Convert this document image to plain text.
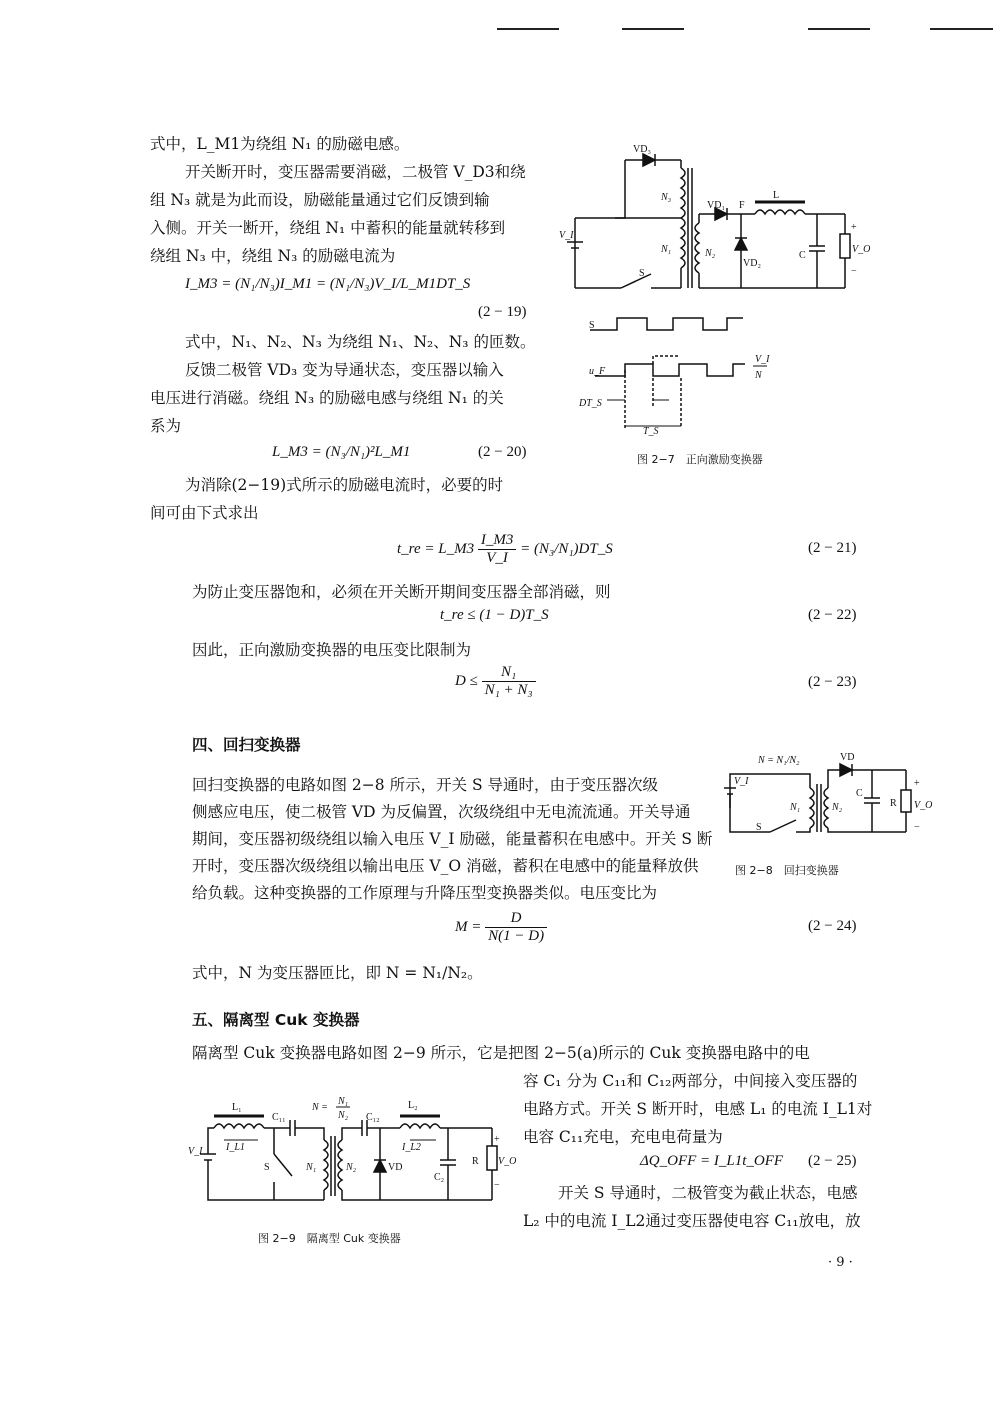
式中，L_M1为绕组 N₁ 的励磁电感。
开关断开时，变压器需要消磁，二极管 V_D3和绕
组 N₃ 就是为此而设，励磁能量通过它们反馈到输
入侧。开关一断开，绕组 N₁ 中蓄积的能量就转移到
绕组 N₃ 中，绕组 N₃ 的励磁电流为
I_M3 = (N₁/N₃)I_M1 = (N₁/N₃)V_I/L_M1DT_S
(2 − 19)
式中，N₁、N₂、N₃ 为绕组 N₁、N₂、N₃ 的匝数。
反馈二极管 VD₃ 变为导通状态，变压器以输入
电压进行消磁。绕组 N₃ 的励磁电感与绕组 N₁ 的关
系为
L_M3 = (N₃/N₁)²L_M1	(2 − 20)
为消除(2−19)式所示的励磁电流时，必要的时
间可由下式求出
t_re = L_M3 $\frac{I\_M3}{V\_I}$ = (N₃/N₁)DT_S	(2 − 21)
为防止变压器饱和，必须在开关断开期间变压器全部消磁，则
t_re ≤ (1 − D)T_S	(2 − 22)
因此，正向激励变换器的电压变比限制为
$D \le \frac{\text{N₁}}{\text{N₁ + N₃}}$	(2 − 23)
四、回扫变换器
回扫变换器的电路如图 2−8 所示，开关 S 导通时，由于变压器次级
侧感应电压，使二极管 VD 为反偏置，次级绕组中无电流流通。开关导通
期间，变压器初级绕组以输入电压 V_I 励磁，能量蓄积在电感中。开关 S 断
开时，变压器次级绕组以输出电压 V_O 消磁，蓄积在电感中的能量释放供
给负载。这种变换器的工作原理与升降压型变换器类似。电压变比为
$M = \frac{D}{N(1 - D)}$	(2 − 24)
式中，N 为变压器匝比，即 N = N₁/N₂。
五、隔离型 Cuk 变换器
隔离型 Cuk 变换器电路如图 2−9 所示，它是把图 2−5(a)所示的 Cuk 变换器电路中的电
容 C₁ 分为 C₁₁和 C₁₂两部分，中间接入变压器的
电路方式。开关 S 断开时，电感 L₁ 的电流 I_L1对
电容 C₁₁充电，充电电荷量为
ΔQ_OFF = I_L1t_OFF (2 − 25)
开关 S 导通时，二极管变为截止状态，电感
L₂ 中的电流 I_L2通过变压器使电容 C₁₁放电，放
· 9 ·
VD₃
N₃
N₁	N₂
V_I
S
VD₁ F
L
VD₂
C
V_O
+
−
S
u_F
DT_S
T_S
V_I
N
图 2−7　正向激励变换器
N = N₁/N₂	VD
V_I
N₁	N₂
S
C
R V_O
+
−
图 2−8　回扫变换器
L₁
C₁₁
N =
N₁
N₂ C₁₂
L₂
I_L1	I_L2
V_I
S	N₁	N₂	VD
C₂
R V_O
+
−
图 2−9　隔离型 Cuk 变换器
